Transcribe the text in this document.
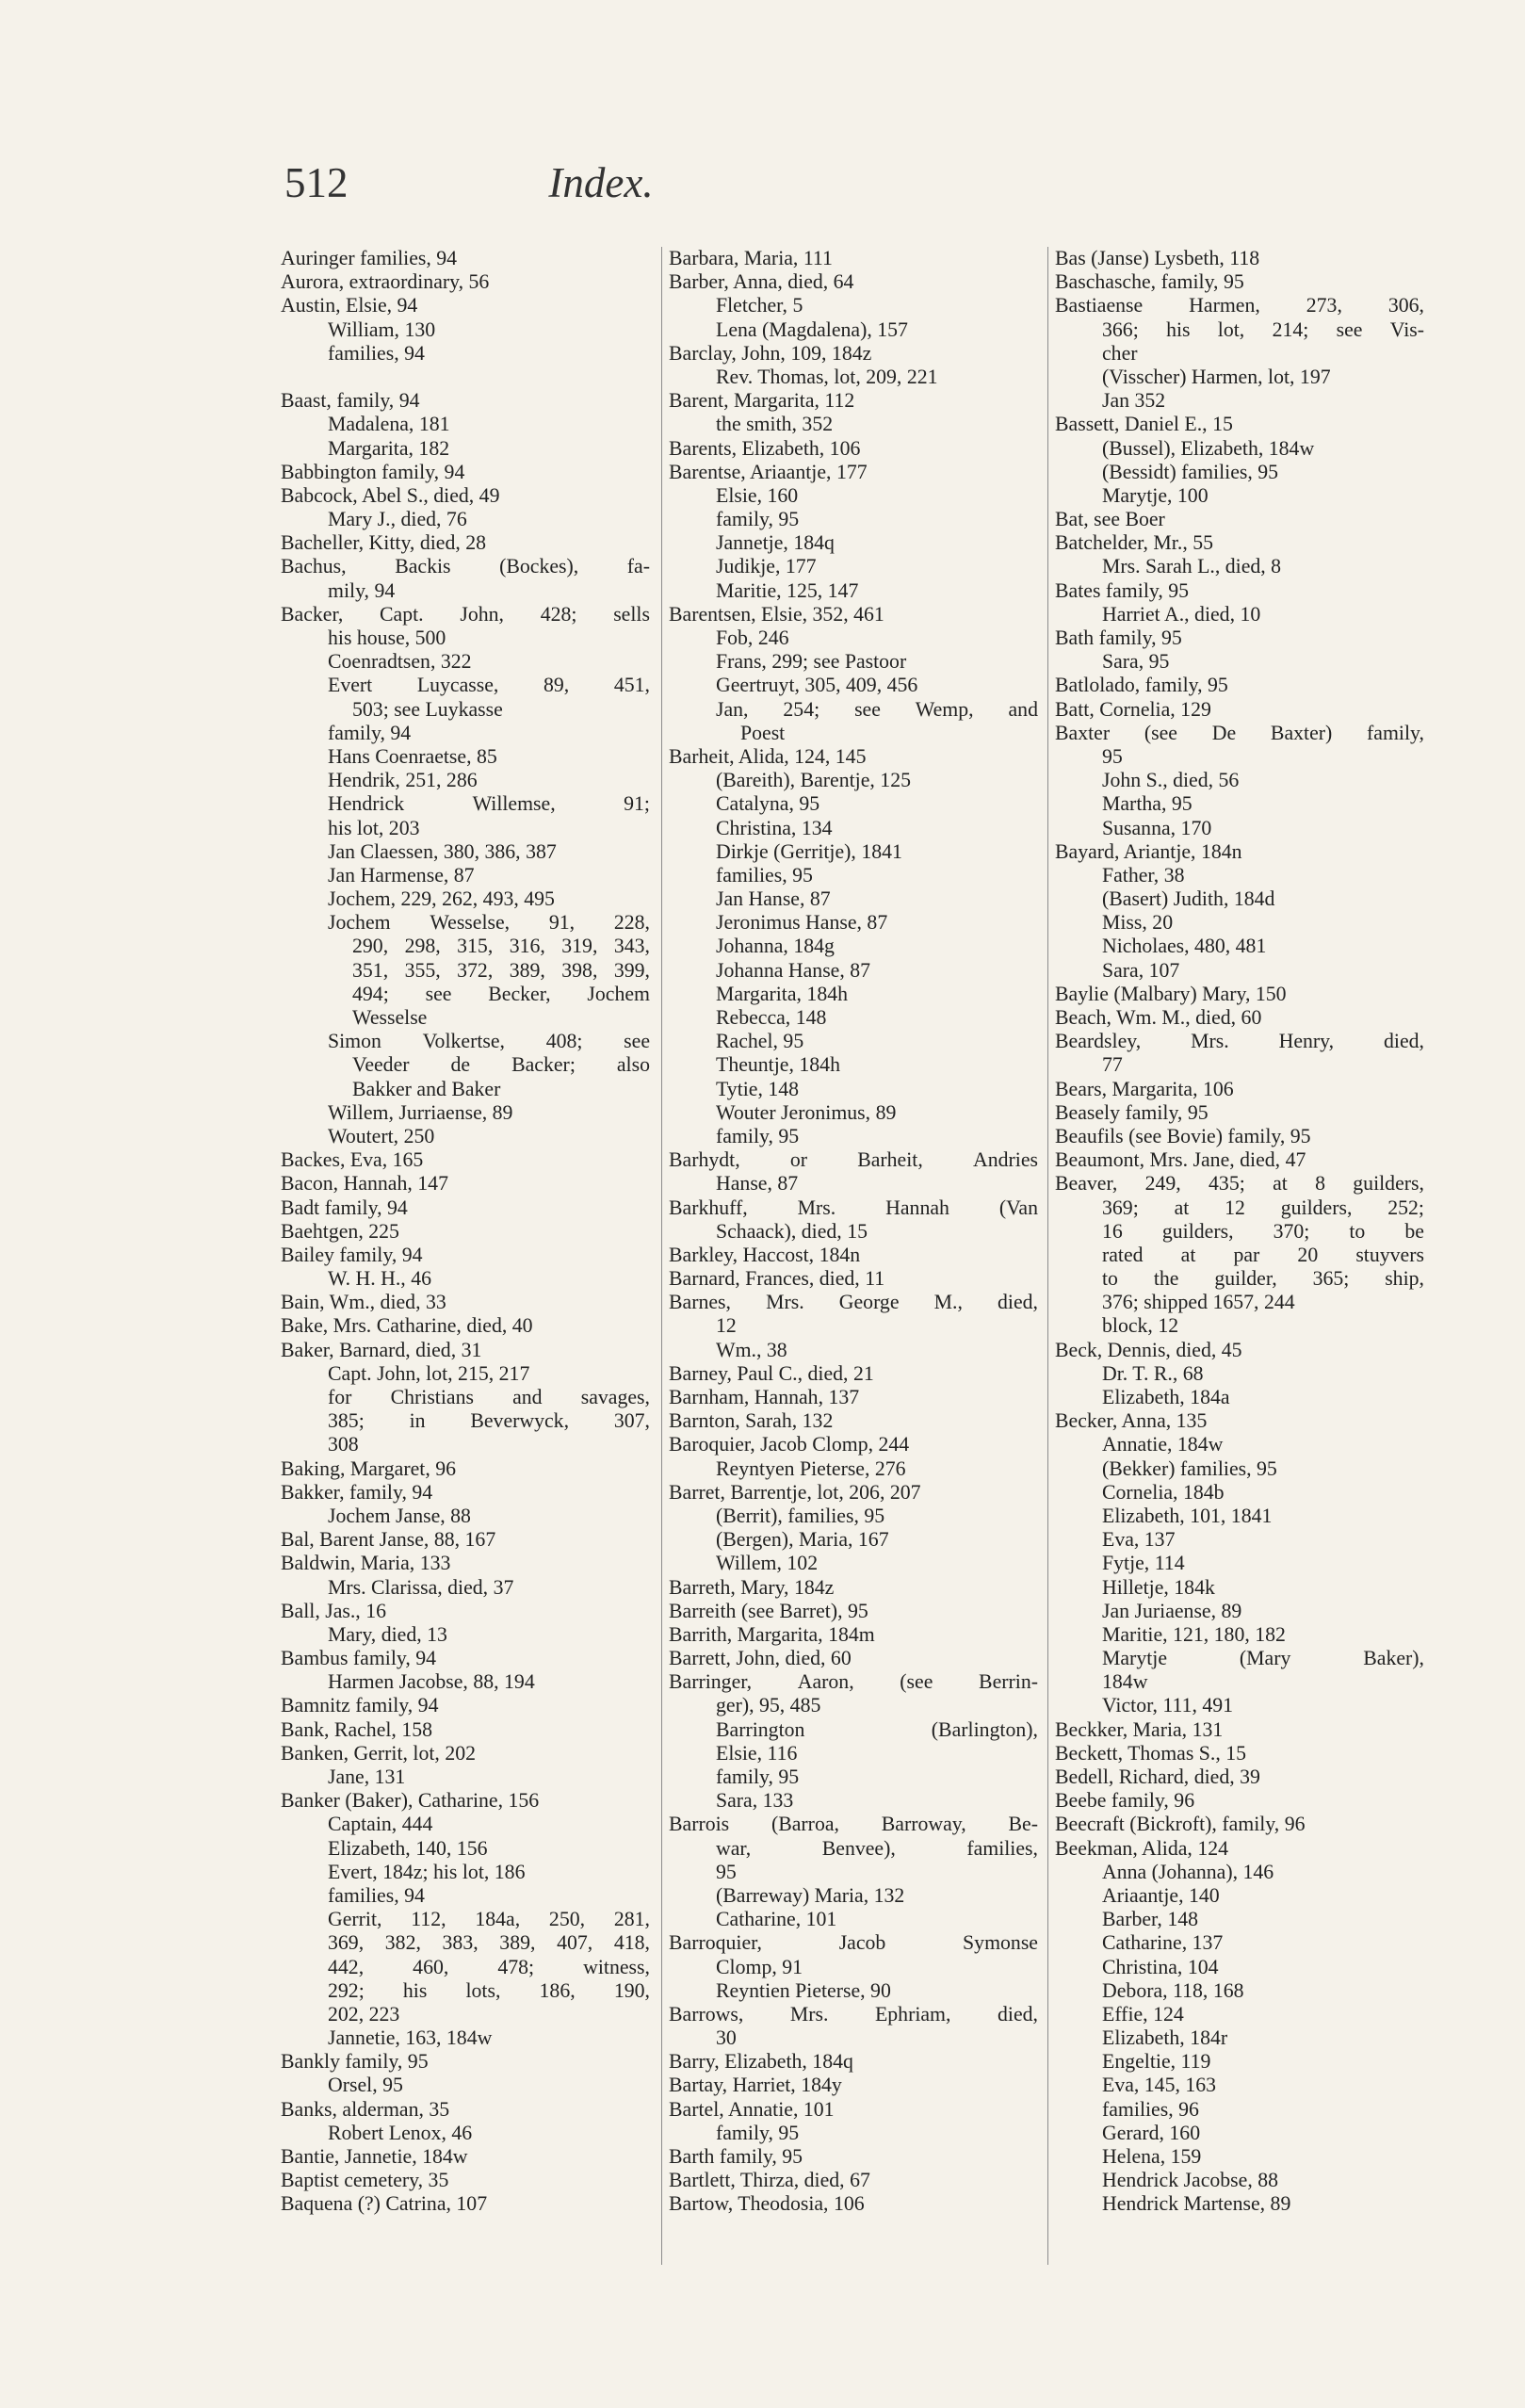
512	Index.
Auringer families, 94
Aurora, extraordinary, 56
Austin, Elsie, 94
William, 130
families, 94
Baast, family, 94
Madalena, 181
Margarita, 182
Babbington family, 94
Babcock, Abel S., died, 49
Mary J., died, 76
Bacheller, Kitty, died, 28
Bachus, Backis (Bockes), fa-
mily, 94
Backer, Capt. John, 428; sells
his house, 500
Coenradtsen, 322
Evert Luycasse, 89, 451,
503; see Luykasse
family, 94
Hans Coenraetse, 85
Hendrik, 251, 286
Hendrick	Willemse,	91;
his lot, 203
Jan Claessen, 380, 386, 387
Jan Harmense, 87
Jochem, 229, 262, 493, 495
Jochem Wesselse, 91, 228,
290, 298, 315, 316, 319, 343,
351, 355, 372, 389, 398, 399,
494; see Becker, Jochem
Wesselse
Simon Volkertse, 408; see
Veeder de Backer; also
Bakker and Baker
Willem, Jurriaense, 89
Woutert, 250
Backes, Eva, 165
Bacon, Hannah, 147
Badt family, 94
Baehtgen, 225
Bailey family, 94
W. H. H., 46
Bain, Wm., died, 33
Bake, Mrs. Catharine, died, 40
Baker, Barnard, died, 31
Capt. John, lot, 215, 217
for Christians and savages,
385; in Beverwyck, 307,
308
Baking, Margaret, 96
Bakker, family, 94
Jochem Janse, 88
Bal, Barent Janse, 88, 167
Baldwin, Maria, 133
Mrs. Clarissa, died, 37
Ball, Jas., 16
Mary, died, 13
Bambus family, 94
Harmen Jacobse, 88, 194
Bamnitz family, 94
Bank, Rachel, 158
Banken, Gerrit, lot, 202
Jane, 131
Banker (Baker), Catharine, 156
Captain, 444
Elizabeth, 140, 156
Evert, 184z; his lot, 186
families, 94
Gerrit, 112, 184a, 250, 281,
369, 382, 383, 389, 407, 418,
442, 460, 478; witness,
292; his lots, 186, 190,
202, 223
Jannetie, 163, 184w
Bankly family, 95
Orsel, 95
Banks, alderman, 35
Robert Lenox, 46
Bantie, Jannetie, 184w
Baptist cemetery, 35
Baquena (?) Catrina, 107
Barbara, Maria, 111
Barber, Anna, died, 64
Fletcher, 5
Lena (Magdalena), 157
Barclay, John, 109, 184z
Rev. Thomas, lot, 209, 221
Barent, Margarita, 112
the smith, 352
Barents, Elizabeth, 106
Barentse, Ariaantje, 177
Elsie, 160
family, 95
Jannetje, 184q
Judikje, 177
Maritie, 125, 147
Barentsen, Elsie, 352, 461
Fob, 246
Frans, 299; see Pastoor
Geertruyt, 305, 409, 456
Jan, 254; see Wemp, and
Poest
Barheit, Alida, 124, 145
(Bareith), Barentje, 125
Catalyna, 95
Christina, 134
Dirkje (Gerritje), 1841
families, 95
Jan Hanse, 87
Jeronimus Hanse, 87
Johanna, 184g
Johanna Hanse, 87
Margarita, 184h
Rebecca, 148
Rachel, 95
Theuntje, 184h
Tytie, 148
Wouter Jeronimus, 89
family, 95
Barhydt, or Barheit, Andries
Hanse, 87
Barkhuff, Mrs. Hannah (Van
Schaack), died, 15
Barkley, Haccost, 184n
Barnard, Frances, died, 11
Barnes, Mrs. George M., died,
12
Wm., 38
Barney, Paul C., died, 21
Barnham, Hannah, 137
Barnton, Sarah, 132
Baroquier, Jacob Clomp, 244
Reyntyen Pieterse, 276
Barret, Barrentje, lot, 206, 207
(Berrit), families, 95
(Bergen), Maria, 167
Willem, 102
Barreth, Mary, 184z
Barreith (see Barret), 95
Barrith, Margarita, 184m
Barrett, John, died, 60
Barringer, Aaron, (see Berrin-
ger), 95, 485
Barrington	(Barlington),
Elsie, 116
family, 95
Sara, 133
Barrois (Barroa, Barroway, Be-
war,	Benvee),	families,
95
(Barreway) Maria, 132
Catharine, 101
Barroquier,	Jacob	Symonse
Clomp, 91
Reyntien Pieterse, 90
Barrows, Mrs. Ephriam, died,
30
Barry, Elizabeth, 184q
Bartay, Harriet, 184y
Bartel, Annatie, 101
family, 95
Barth family, 95
Bartlett, Thirza, died, 67
Bartow, Theodosia, 106
Bas (Janse) Lysbeth, 118
Baschasche, family, 95
Bastiaense Harmen, 273, 306,
366; his lot, 214; see Vis-
cher
(Visscher) Harmen, lot, 197
Jan 352
Bassett, Daniel E., 15
(Bussel), Elizabeth, 184w
(Bessidt) families, 95
Marytje, 100
Bat, see Boer
Batchelder, Mr., 55
Mrs. Sarah L., died, 8
Bates family, 95
Harriet A., died, 10
Bath family, 95
Sara, 95
Batlolado, family, 95
Batt, Cornelia, 129
Baxter (see De Baxter) family,
95
John S., died, 56
Martha, 95
Susanna, 170
Bayard, Ariantje, 184n
Father, 38
(Basert) Judith, 184d
Miss, 20
Nicholaes, 480, 481
Sara, 107
Baylie (Malbary) Mary, 150
Beach, Wm. M., died, 60
Beardsley, Mrs. Henry, died,
77
Bears, Margarita, 106
Beasely family, 95
Beaufils (see Bovie) family, 95
Beaumont, Mrs. Jane, died, 47
Beaver, 249, 435; at 8 guilders,
369; at 12 guilders, 252;
16 guilders, 370; to be
rated at par 20 stuyvers
to the guilder, 365; ship,
376; shipped 1657, 244
block, 12
Beck, Dennis, died, 45
Dr. T. R., 68
Elizabeth, 184a
Becker, Anna, 135
Annatie, 184w
(Bekker) families, 95
Cornelia, 184b
Elizabeth, 101, 1841
Eva, 137
Fytje, 114
Hilletje, 184k
Jan Juriaense, 89
Maritie, 121, 180, 182
Marytje	(Mary	Baker),
184w
Victor, 111, 491
Beckker, Maria, 131
Beckett, Thomas S., 15
Bedell, Richard, died, 39
Beebe family, 96
Beecraft (Bickroft), family, 96
Beekman, Alida, 124
Anna (Johanna), 146
Ariaantje, 140
Barber, 148
Catharine, 137
Christina, 104
Debora, 118, 168
Effie, 124
Elizabeth, 184r
Engeltie, 119
Eva, 145, 163
families, 96
Gerard, 160
Helena, 159
Hendrick Jacobse, 88
Hendrick Martense, 89
